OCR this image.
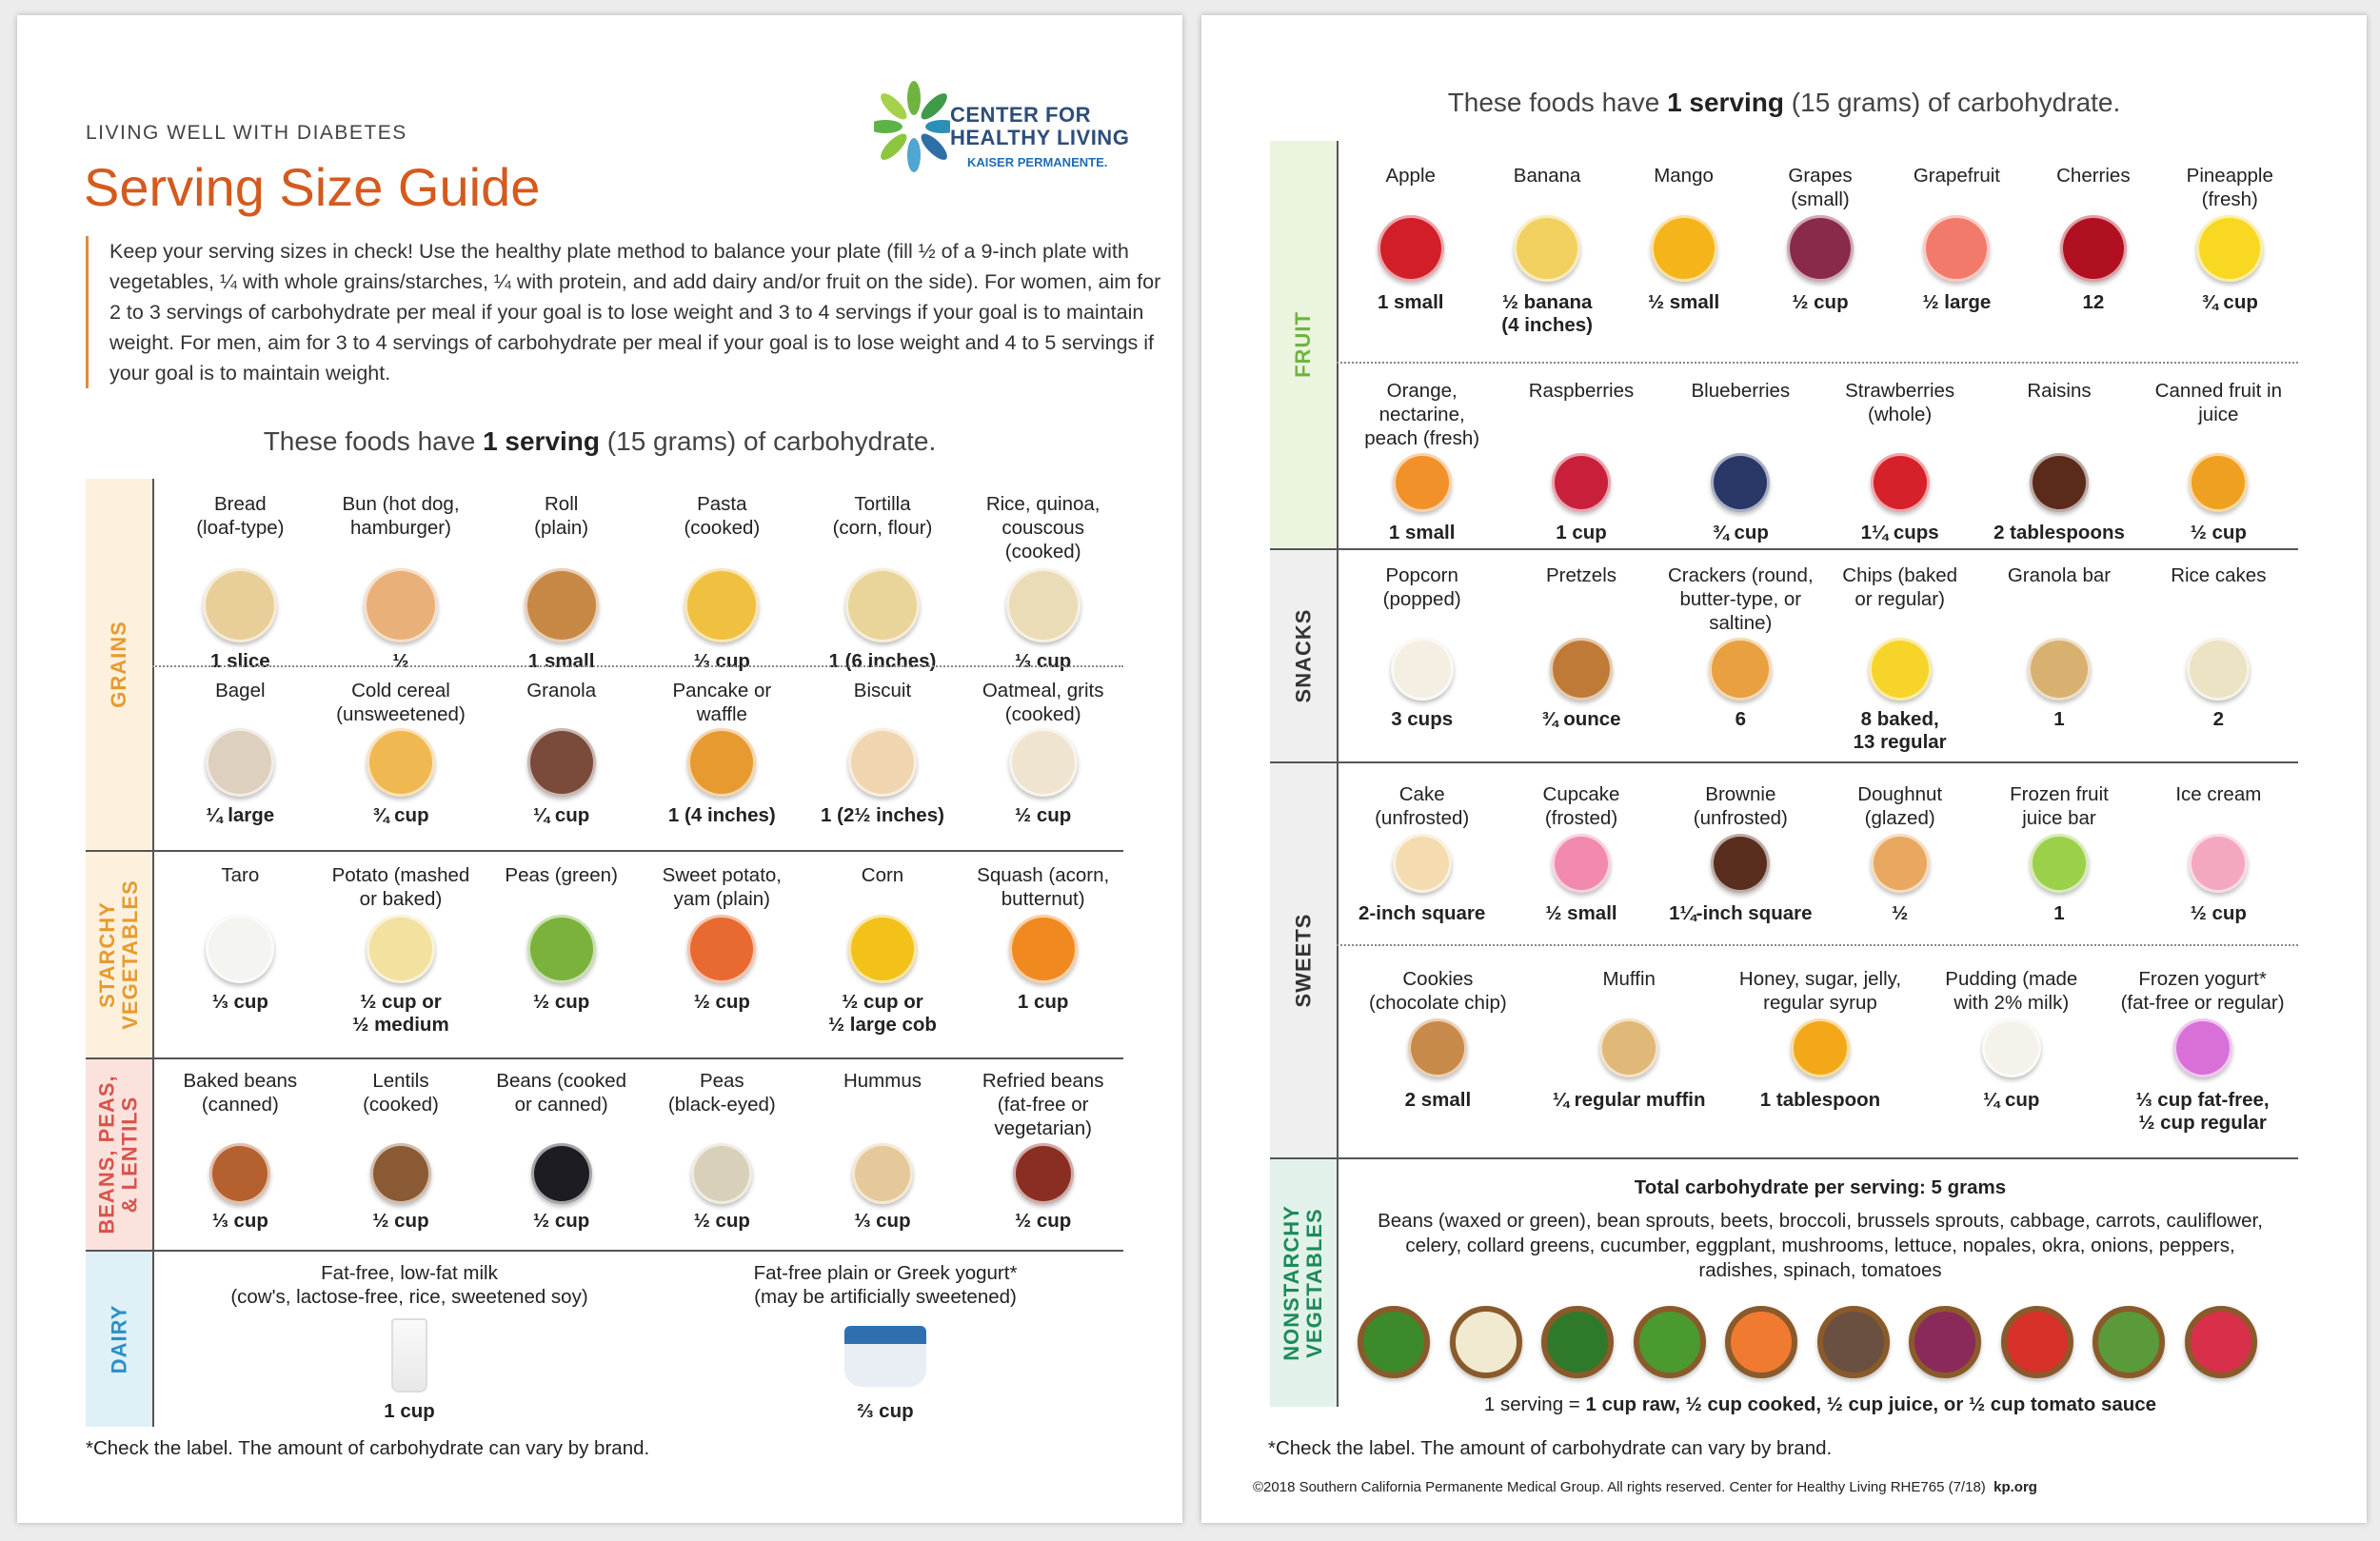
LIVING WELL WITH DIABETES
Serving Size Guide
CENTER FOR
HEALTHY LIVING
KAISER PERMANENTE.
Keep your serving sizes in check! Use the healthy plate method to balance your plate (fill ½ of a 9-inch plate with vegetables, ¼ with whole grains/starches, ¼ with protein, and add dairy and/or fruit on the side). For women, aim for 2 to 3 servings of carbohydrate per meal if your goal is to lose weight and 3 to 4 servings if your goal is to maintain weight. For men, aim for 3 to 4 servings of carbohydrate per meal if your goal is to lose weight and 4 to 5 servings if your goal is to maintain weight.
These foods have 1 serving (15 grams) of carbohydrate.
GRAINS
Bread
(loaf-type)
1 slice
Bun (hot dog,
hamburger)
½
Roll
(plain)
1 small
Pasta
(cooked)
⅓ cup
Tortilla
(corn, flour)
1 (6 inches)
Rice, quinoa,
couscous
(cooked)
⅓ cup
Bagel
¼ large
Cold cereal
(unsweetened)
¾ cup
Granola
¼ cup
Pancake or
waffle
1 (4 inches)
Biscuit
1 (2½ inches)
Oatmeal, grits
(cooked)
½ cup
STARCHY
VEGETABLES
Taro
⅓ cup
Potato (mashed
or baked)
½ cup or
½ medium
Peas (green)
½ cup
Sweet potato,
yam (plain)
½ cup
Corn
½ cup or
½ large cob
Squash (acorn,
butternut)
1 cup
BEANS, PEAS,
& LENTILS
Baked beans
(canned)
⅓ cup
Lentils
(cooked)
½ cup
Beans (cooked
or canned)
½ cup
Peas
(black-eyed)
½ cup
Hummus
⅓ cup
Refried beans
(fat-free or
vegetarian)
½ cup
DAIRY
Fat-free, low-fat milk
(cow's, lactose-free, rice, sweetened soy)
1 cup
Fat-free plain or Greek yogurt*
(may be artificially sweetened)
⅔ cup
*Check the label. The amount of carbohydrate can vary by brand.
These foods have 1 serving (15 grams) of carbohydrate.
FRUIT
Apple
1 small
Banana
½ banana
(4 inches)
Mango
½ small
Grapes
(small)
½ cup
Grapefruit
½ large
Cherries
12
Pineapple
(fresh)
¾ cup
Orange,
nectarine,
peach (fresh)
1 small
Raspberries
1 cup
Blueberries
¾ cup
Strawberries
(whole)
1¼ cups
Raisins
2 tablespoons
Canned fruit in
juice
½ cup
SNACKS
Popcorn
(popped)
3 cups
Pretzels
¾ ounce
Crackers (round,
butter-type, or
saltine)
6
Chips (baked
or regular)
8 baked,
13 regular
Granola bar
1
Rice cakes
2
SWEETS
Cake
(unfrosted)
2-inch square
Cupcake
(frosted)
½ small
Brownie
(unfrosted)
1¼-inch square
Doughnut
(glazed)
½
Frozen fruit
juice bar
1
Ice cream
½ cup
Cookies
(chocolate chip)
2 small
Muffin
¼ regular muffin
Honey, sugar, jelly,
regular syrup
1 tablespoon
Pudding (made
with 2% milk)
¼ cup
Frozen yogurt*
(fat-free or regular)
⅓ cup fat-free,
½ cup regular
NONSTARCHY
VEGETABLES
Total carbohydrate per serving: 5 grams
Beans (waxed or green), bean sprouts, beets, broccoli, brussels sprouts, cabbage, carrots, cauliflower, celery, collard greens, cucumber, eggplant, mushrooms, lettuce, nopales, okra, onions, peppers, radishes, spinach, tomatoes
1 serving = 1 cup raw, ½ cup cooked, ½ cup juice, or ½ cup tomato sauce
*Check the label. The amount of carbohydrate can vary by brand.
©2018 Southern California Permanente Medical Group. All rights reserved. Center for Healthy Living RHE765 (7/18) kp.org
